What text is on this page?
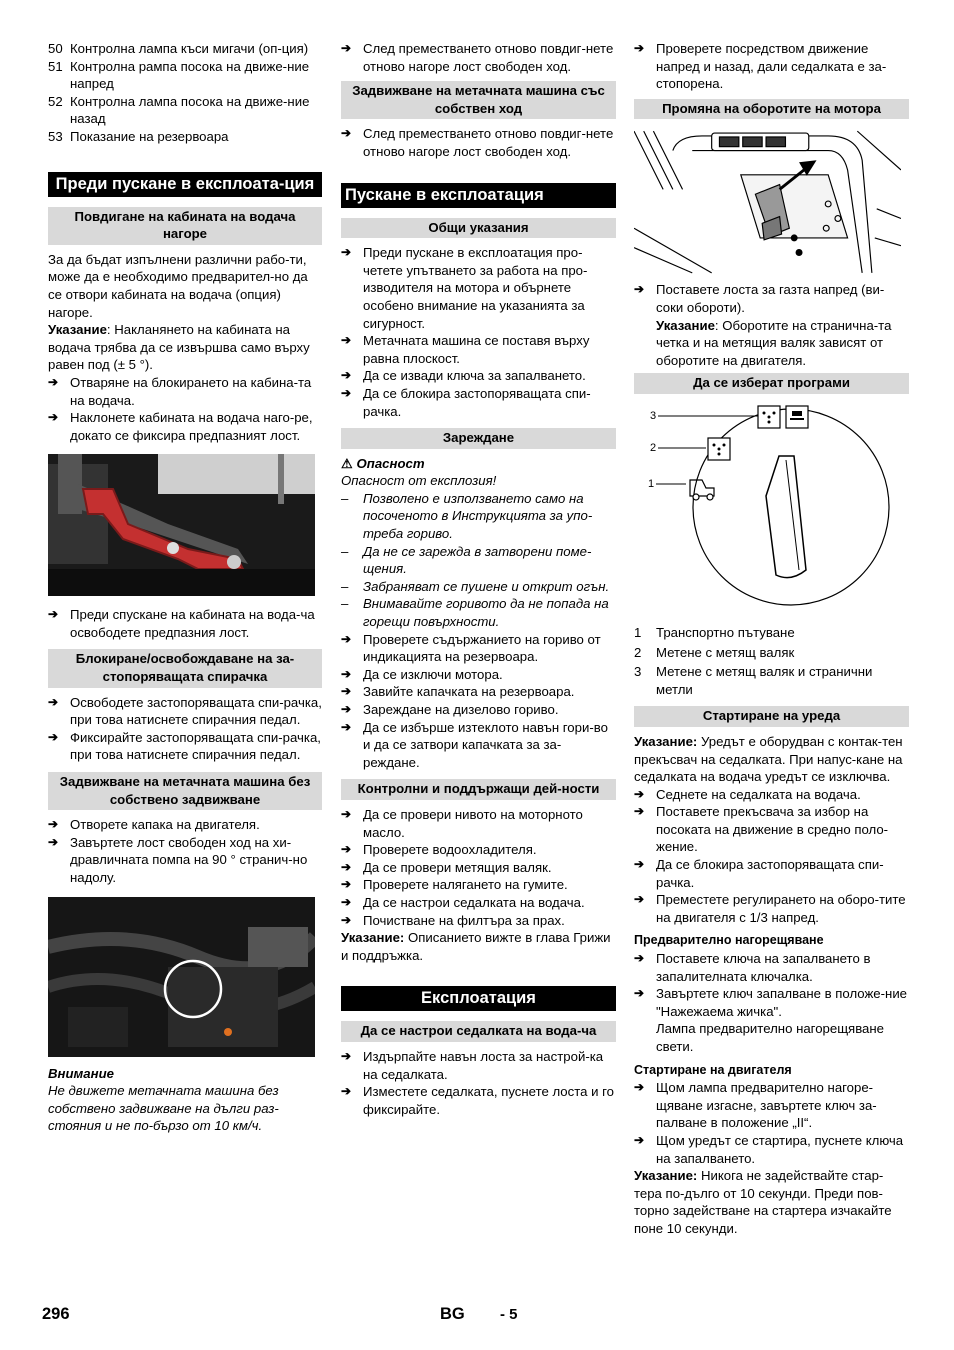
50 Контролна лампа къси мигачи (оп-ция)
51 Контролна рампа посока на движе-ние напред
52 Контролна лампа посока на движе-ние назад
53 Показание на резервоара
Преди пускане в експлоата-ция
Повдигане на кабината на водача нагоре

За да бъдат изпълнени различни рабо-ти, може да е необходимо предварител-но да се отвори кабината на водача (опция) нагоре.

Указание: Накланянето на кабината на водача трябва да се извършва само върху равен под (± 5 °).

➔ Отваряне на блокирането на кабина-та на водача.
➔ Наклонете кабината на водача наго-ре, докато се фиксира предпазният лост.
➔ Преди спускане на кабината на вода-ча освободете предпазния лост.
Блокиране/освобождаване на за-стопоряващата спирачка
➔ Освободете застопоряващата спи-рачка, при това натиснете спирачния педал.
➔ Фиксирайте застопоряващата спи-рачка, при това натиснете спирачния педал.
Задвижване на метачната машина без собствено задвижване
➔ Отворете капака на двигателя.
➔ Завъртете лост свободен ход на хи-дравличната помпа на 90 ° странич-но надолу.

Внимание

Не движете метачната машина без собствено задвижване на дълги раз-стояния и не по-бързо от 10 км/ч.

➔ След преместването отново повдиг-нете отново нагоре лост свободен ход.
Задвижване на метачната машина със собствен ход
➔ След преместването отново повдиг-нете отново нагоре лост свободен ход.
Пускане в експлоатация
Общи указания
➔ Преди пускане в експлоатация про-четете упътването за работа на про-изводителя на мотора и обърнете особено внимание на указанията за сигурност.
➔ Метачната машина се поставя върху равна плоскост.
➔ Да се извади ключа за запалването.
➔ Да се блокира застопоряващата спи-рачка.
Зареждане

⚠ Опасност

Опасност от експлозия!

–	Позволено е използването само на посоченото в Инструкцията за упо-треба гориво.
–	Да не се зарежда в затворени поме-щения.
–	Забраняват се пушене и открит огън.
–	Внимавайте горивото да не попада на горещи повърхности.
➔ Проверете съдържанието на гориво от индикацията на резервоара.
➔ Да се изключи мотора.
➔ Завийте капачката на резервоара.
➔ Зареждане на дизелово гориво.
➔ Да се избърше изтеклото навън гори-во и да се затвори капачката за за-реждане.
Контролни и поддържащи дей-ности
➔ Да се провери нивото на моторното масло.
➔ Проверете водоохладителя.
➔ Да се провери метящия валяк.
➔ Проверете налягането на гумите.
➔ Да се настрои седалката на водача.
➔ Почистване на филтъра за прах.

Указание: Описанието вижте в глава Грижи и поддръжка.

Експлоатация
Да се настрои седалката на вода-ча
➔ Издърпайте навън лоста за настрой-ка на седалката.
➔ Изместете седалката, пуснете лоста и го фиксирайте.
➔ Проверете посредством движение напред и назад, дали седалката е за-стопорена.
Промяна на оборотите на мотора
➔ Поставете лоста за газта напред (ви-соки обороти).

Указание: Оборотите на странична-та четка и на метящия валяк зависят от оборотите на двигателя.

Да се изберат програми
3
2
1
1	Транспортно пътуване
2	Метене с метящ валяк
3	Метене с метящ валяк и странични метли
Стартиране на уреда

Указание: Уредът е оборудван с контак-тен прекъсвач на седалката. При напус-кане на седалката на водача уредът се изключва.

➔ Седнете на седалката на водача.
➔ Поставете прекъсвача за избор на посоката на движение в средно поло-жение.
➔ Да се блокира застопоряващата спи-рачка.
➔ Преместете регулирането на оборо-тите на двигателя с 1/3 напред.

Предварително нагорещяване

➔ Поставете ключа на запалването в запалителната ключалка.
➔ Завъртете ключ запалване в положе-ние "Нажежаема жичка".

Лампа предварително нагорещяване свети.

Стартиране на двигателя

➔ Щом лампа предварително нагоре-щяване изгасне, завъртете ключ за-палване в положение „II“.
➔ Щом уредът се стартира, пуснете ключа на запалването.

Указание: Никога не задействайте стар-тера по-дълго от 10 секунди. Преди пов-торно задействане на стартера изчакайте поне 10 секунди.

296	BG - 5
